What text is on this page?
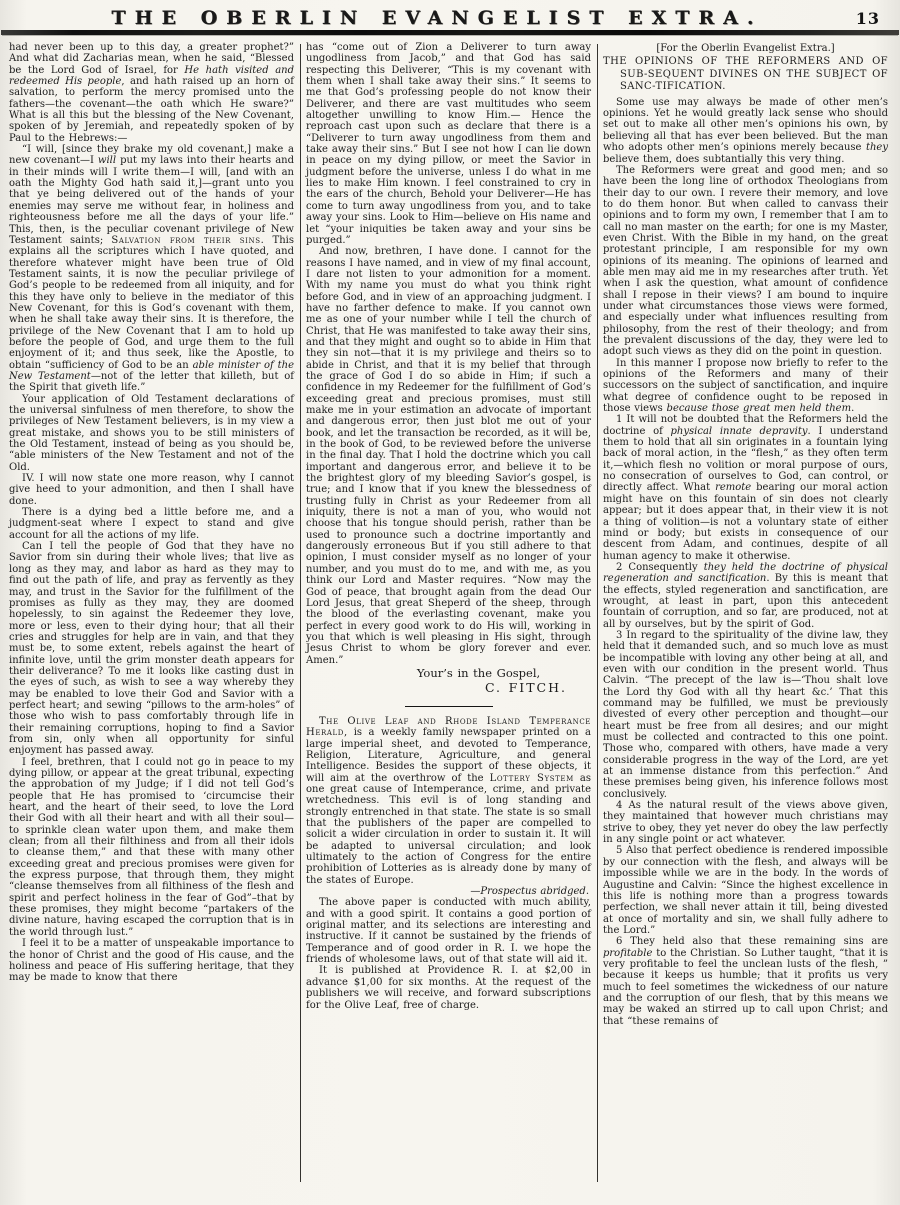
THE OBERLIN EVANGELIST EXTRA.	13

had never been up to this day, a greater prophet?” And what did Zacharias mean, when he said, “Blessed be the Lord God of Israel, for He hath visited and redeemed His people, and hath raised up an horn of salvation, to perform the mercy promised unto the fathers—the covenant—the oath which He sware?” What is all this but the blessing of the New Covenant, spoken of by Jeremiah, and repeatedly spoken of by Paul to the Hebrews:—

“I will, [since they brake my old covenant,] make a new covenant—I will put my laws into their hearts and in their minds will I write them—I will, [and with an oath the Mighty God hath said it,]—grant unto you that ye being delivered out of the hands of your enemies may serve me without fear, in holiness and righteousness before me all the days of your life.” This, then, is the peculiar covenant privilege of New Testament saints; Salvation from their sins. This explains all the scriptures which I have quoted, and therefore whatever might have been true of Old Testament saints, it is now the peculiar privilege of God’s people to be redeemed from all iniquity, and for this they have only to believe in the mediator of this New Covenant, for this is God’s covenant with them, when he shall take away their sins. It is therefore, the privilege of the New Covenant that I am to hold up before the people of God, and urge them to the full enjoyment of it; and thus seek, like the Apostle, to obtain “sufficiency of God to be an able minister of the New Testament—not of the letter that killeth, but of the Spirit that giveth life.”

Your application of Old Testament declarations of the universal sinfulness of men therefore, to show the privileges of New Testament believers, is in my view a great mistake, and shows you to be still ministers of the Old Testament, instead of being as you should be, “able ministers of the New Testament and not of the Old.

IV. I will now state one more reason, why I cannot give heed to your admonition, and then I shall have done.

There is a dying bed a little before me, and a judgment-seat where I expect to stand and give account for all the actions of my life.

Can I tell the people of God that they have no Savior from sin during their whole lives; that live as long as they may, and labor as hard as they may to find out the path of life, and pray as fervently as they may, and trust in the Savior for the fulfillment of the promises as fully as they may, they are doomed hopelessly, to sin against the Redeemer they love, more or less, even to their dying hour; that all their cries and struggles for help are in vain, and that they must be, to some extent, rebels against the heart of infinite love, until the grim monster death appears for their deliverance? To me it looks like casting dust in the eyes of such, as wish to see a way whereby they may be enabled to love their God and Savior with a perfect heart; and sewing “pillows to the arm-holes” of those who wish to pass comfortably through life in their remaining corruptions, hoping to find a Savior from sin, only when all opportunity for sinful enjoyment has passed away.

I feel, brethren, that I could not go in peace to my dying pillow, or appear at the great tribunal, expecting the approbation of my Judge; if I did not tell God’s people that He has promised to ‘circumcise their heart, and the heart of their seed, to love the Lord their God with all their heart and with all their soul—to sprinkle clean water upon them, and make them clean; from all their filthiness and from all their idols to cleanse them,” and that these with many other exceeding great and precious promises were given for the express purpose, that through them, they might “cleanse themselves from all filthiness of the flesh and spirit and perfect holiness in the fear of God”–that by these promises, they might become “partakers of the divine nature, having escaped the corruption that is in the world through lust.”

I feel it to be a matter of unspeakable importance to the honor of Christ and the good of His cause, and the holiness and peace of His suffering heritage, that they may be made to know that there

has “come out of Zion a Deliverer to turn away ungodliness from Jacob,” and that God has said respecting this Deliverer, “This is my covenant with them when I shall take away their sins.” It seems to me that God’s professing people do not know their Deliverer, and there are vast multitudes who seem altogether unwilling to know Him.— Hence the reproach cast upon such as declare that there is a “Deliverer to turn away ungodliness from them and take away their sins.” But I see not how I can lie down in peace on my dying pillow, or meet the Savior in judgment before the universe, unless I do what in me lies to make Him known. I feel constrained to cry in the ears of the church, Behold your Deliverer—He has come to turn away ungodliness from you, and to take away your sins. Look to Him—believe on His name and let “your iniquities be taken away and your sins be purged.”

And now, brethren, I have done. I cannot for the reasons I have named, and in view of my final account, I dare not listen to your admonition for a moment. With my name you must do what you think right before God, and in view of an approaching judgment. I have no farther defence to make. If you cannot own me as one of your number while I tell the church of Christ, that He was manifested to take away their sins, and that they might and ought so to abide in Him that they sin not—that it is my privilege and theirs so to abide in Christ, and that it is my belief that through the grace of God I do so abide in Him; if such a confidence in my Redeemer for the fulfillment of God’s exceeding great and precious promises, must still make me in your estimation an advocate of important and dangerous error, then just blot me out of your book, and let the transaction be recorded, as it will be, in the book of God, to be reviewed before the universe in the final day. That I hold the doctrine which you call important and dangerous error, and believe it to be the brightest glory of my bleeding Savior’s gospel, is true; and I know that if you knew the blessedness of trusting fully in Christ as your Redeemer from all iniquity, there is not a man of you, who would not choose that his tongue should perish, rather than be used to pronounce such a doctrine importantly and dangerously erroneous But if you still adhere to that opinion, I must consider myself as no longer of your number, and you must do to me, and with me, as you think our Lord and Master requires. “Now may the God of peace, that brought again from the dead Our Lord Jesus, that great Sheperd of the sheep, through the blood of the everlasting covenant, make you perfect in every good work to do His will, working in you that which is well pleasing in His sight, through Jesus Christ to whom be glory forever and ever. Amen.”

Your’s in the Gospel,

C. FITCH.

The Olive Leaf and Rhode Island Temperance Herald, is a weekly family newspaper printed on a large imperial sheet, and devoted to Temperance, Religion, Literature, Agriculture, and general Intelligence. Besides the support of these objects, it will aim at the overthrow of the Lottery System as one great cause of Intemperance, crime, and private wretchedness. This evil is of long standing and strongly entrenched in that state. The state is so small that the publishers of the paper are compelled to solicit a wider circulation in order to sustain it. It will be adapted to universal circulation; and look ultimately to the action of Congress for the entire prohibition of Lotteries as is already done by many of the states of Europe.

—Prospectus abridged.

The above paper is conducted with much ability, and with a good spirit. It contains a good portion of original matter, and its selections are interesting and instructive. If it cannot be sustained by the friends of Temperance and of good order in R. I. we hope the friends of wholesome laws, out of that state will aid it.

It is published at Providence R. I. at $2,00 in advance $1,00 for six months. At the request of the publishers we will receive, and forward subscriptions for the Olive Leaf, free of charge.

[For the Oberlin Evangelist Extra.]

THE OPINIONS OF THE REFORMERS AND OF SUB-SEQUENT DIVINES ON THE SUBJECT OF SANC-TIFICATION.

Some use may always be made of other men’s opinions. Yet he would greatly lack sense who should set out to make all other men’s opinions his own, by believing all that has ever been believed. But the man who adopts other men’s opinions merely because they believe them, does subtantially this very thing.

The Reformers were great and good men; and so have been the long line of orthodox Theologians from their day to our own. I revere their memory, and love to do them honor. But when called to canvass their opinions and to form my own, I remember that I am to call no man master on the earth; for one is my Master, even Christ. With the Bible in my hand, on the great protestant principle, I am responsible for my own opinions of its meaning. The opinions of learned and able men may aid me in my researches after truth. Yet when I ask the question, what amount of confidence shall I repose in their views? I am bound to inquire under what circumstances those views were formed, and especially under what influences resulting from philosophy, from the rest of their theology; and from the prevalent discussions of the day, they were led to adopt such views as they did on the point in question.

In this manner I propose now briefly to refer to the opinions of the Reformers and many of their successors on the subject of sanctification, and inquire what degree of confidence ought to be reposed in those views because those great men held them.

1 It will not be doubted that the Reformers held the doctrine of physical innate depravity. I understand them to hold that all sin originates in a fountain lying back of moral action, in the “flesh,” as they often term it,—which flesh no volition or moral purpose of ours, no consecration of ourselves to God, can control, or directly affect. What remote bearing our moral action might have on this fountain of sin does not clearly appear; but it does appear that, in their view it is not a thing of volition—is not a voluntary state of either mind or body; but exists in consequence of our descent from Adam, and continues, despite of all human agency to make it otherwise.

2 Consequently they held the doctrine of physical regeneration and sanctification. By this is meant that the effects, styled regeneration and sanctification, are wrought, at least in part, upon this antecedent fountain of corruption, and so far, are produced, not at all by ourselves, but by the spirit of God.

3 In regard to the spirituality of the divine law, they held that it demanded such, and so much love as must be incompatible with loving any other being at all, and even with our condition in the present world. Thus Calvin. “The precept of the law is—‘Thou shalt love the Lord thy God with all thy heart &c.’ That this command may be fulfilled, we must be previously divested of every other perception and thought—our heart must be free from all desires; and our might must be collected and contracted to this one point. Those who, compared with others, have made a very considerable progress in the way of the Lord, are yet at an immense distance from this perfection.” And these premises being given, his inference follows most conclusively.

4 As the natural result of the views above given, they maintained that however much christians may strive to obey, they yet never do obey the law perfectly in any single point or act whatever.

5 Also that perfect obedience is rendered impossible by our connection with the flesh, and always will be impossible while we are in the body. In the words of Augustine and Calvin: “Since the highest excellence in this life is nothing more than a progress towards perfection, we shall never attain it till, being divested at once of mortality and sin, we shall fully adhere to the Lord.”

6 They held also that these remaining sins are profitable to the Christian. So Luther taught, “that it is very profitable to feel the unclean lusts of the flesh, ” because it keeps us humble; that it profits us very much to feel sometimes the wickedness of our nature and the corruption of our flesh, that by this means we may be waked an stirred up to call upon Christ; and that “these remains of
